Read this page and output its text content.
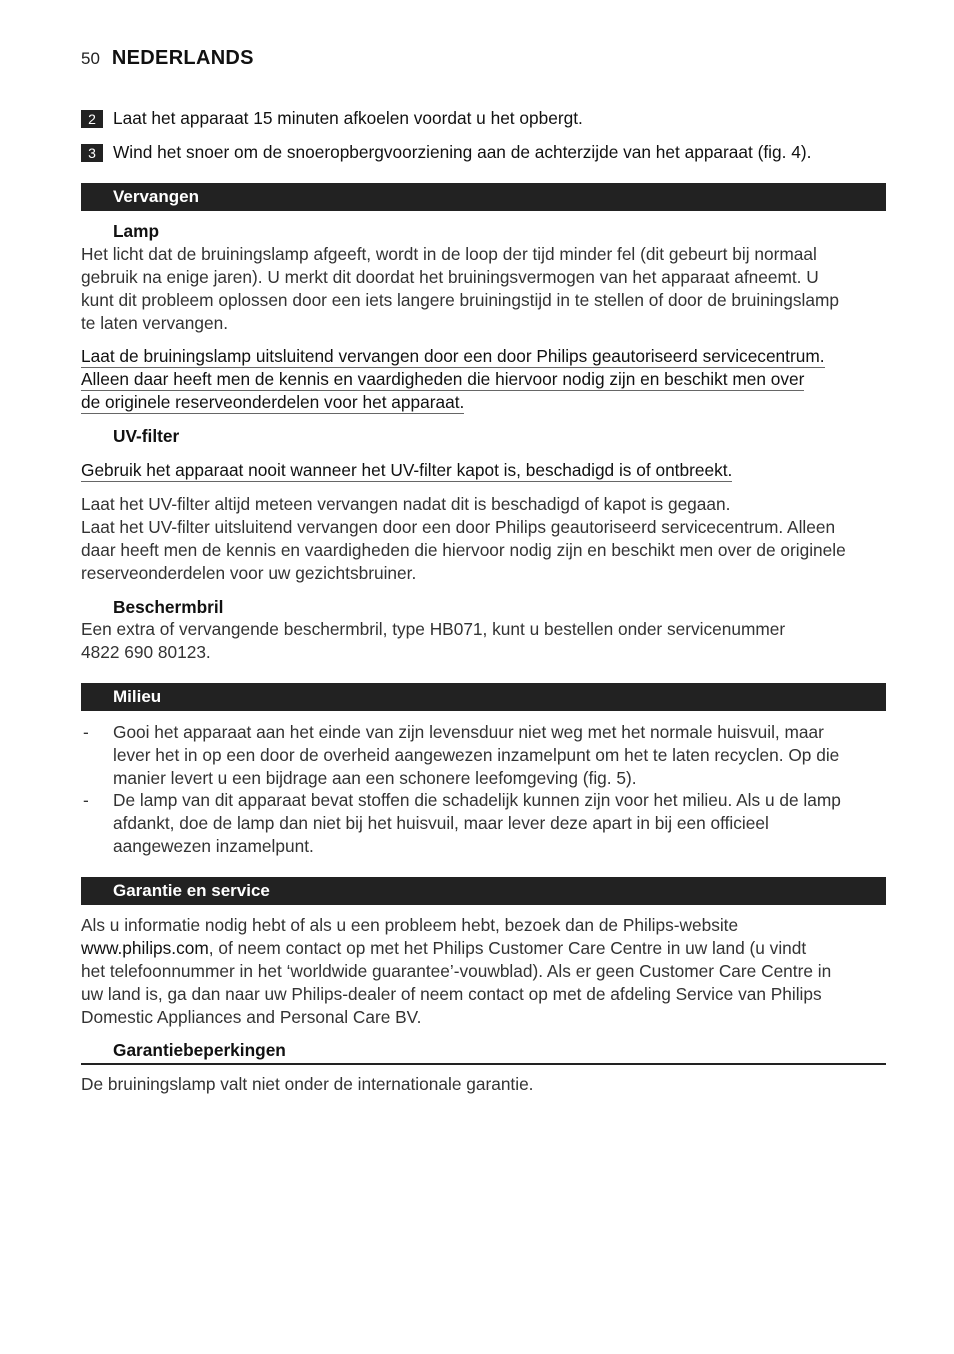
50 NEDERLANDS
2 Laat het apparaat 15 minuten afkoelen voordat u het opbergt.
3 Wind het snoer om de snoeropbergvoorziening aan de achterzijde van het apparaat (fig. 4).
Vervangen
Lamp
Het licht dat de bruiningslamp afgeeft, wordt in de loop der tijd minder fel (dit gebeurt bij normaal
gebruik na enige jaren). U merkt dit doordat het bruiningsvermogen van het apparaat afneemt. U
kunt dit probleem oplossen door een iets langere bruiningstijd in te stellen of door de bruiningslamp
te laten vervangen.
Laat de bruiningslamp uitsluitend vervangen door een door Philips geautoriseerd servicecentrum.
Alleen daar heeft men de kennis en vaardigheden die hiervoor nodig zijn en beschikt men over
de originele reserveonderdelen voor het apparaat.
UV-filter
Gebruik het apparaat nooit wanneer het UV-filter kapot is, beschadigd is of ontbreekt.
Laat het UV-filter altijd meteen vervangen nadat dit is beschadigd of kapot is gegaan.
Laat het UV-filter uitsluitend vervangen door een door Philips geautoriseerd servicecentrum. Alleen
daar heeft men de kennis en vaardigheden die hiervoor nodig zijn en beschikt men over de originele
reserveonderdelen voor uw gezichtsbruiner.
Beschermbril
Een extra of vervangende beschermbril, type HB071, kunt u bestellen onder servicenummer
4822 690 80123.
Milieu
- Gooi het apparaat aan het einde van zijn levensduur niet weg met het normale huisvuil, maar
lever het in op een door de overheid aangewezen inzamelpunt om het te laten recyclen. Op die
manier levert u een bijdrage aan een schonere leefomgeving (fig. 5).
- De lamp van dit apparaat bevat stoffen die schadelijk kunnen zijn voor het milieu. Als u de lamp
afdankt, doe de lamp dan niet bij het huisvuil, maar lever deze apart in bij een officieel
aangewezen inzamelpunt.
Garantie en service
Als u informatie nodig hebt of als u een probleem hebt, bezoek dan de Philips-website
www.philips.com, of neem contact op met het Philips Customer Care Centre in uw land (u vindt
het telefoonnummer in het ‘worldwide guarantee’-vouwblad). Als er geen Customer Care Centre in
uw land is, ga dan naar uw Philips-dealer of neem contact op met de afdeling Service van Philips
Domestic Appliances and Personal Care BV.
Garantiebeperkingen
De bruiningslamp valt niet onder de internationale garantie.
